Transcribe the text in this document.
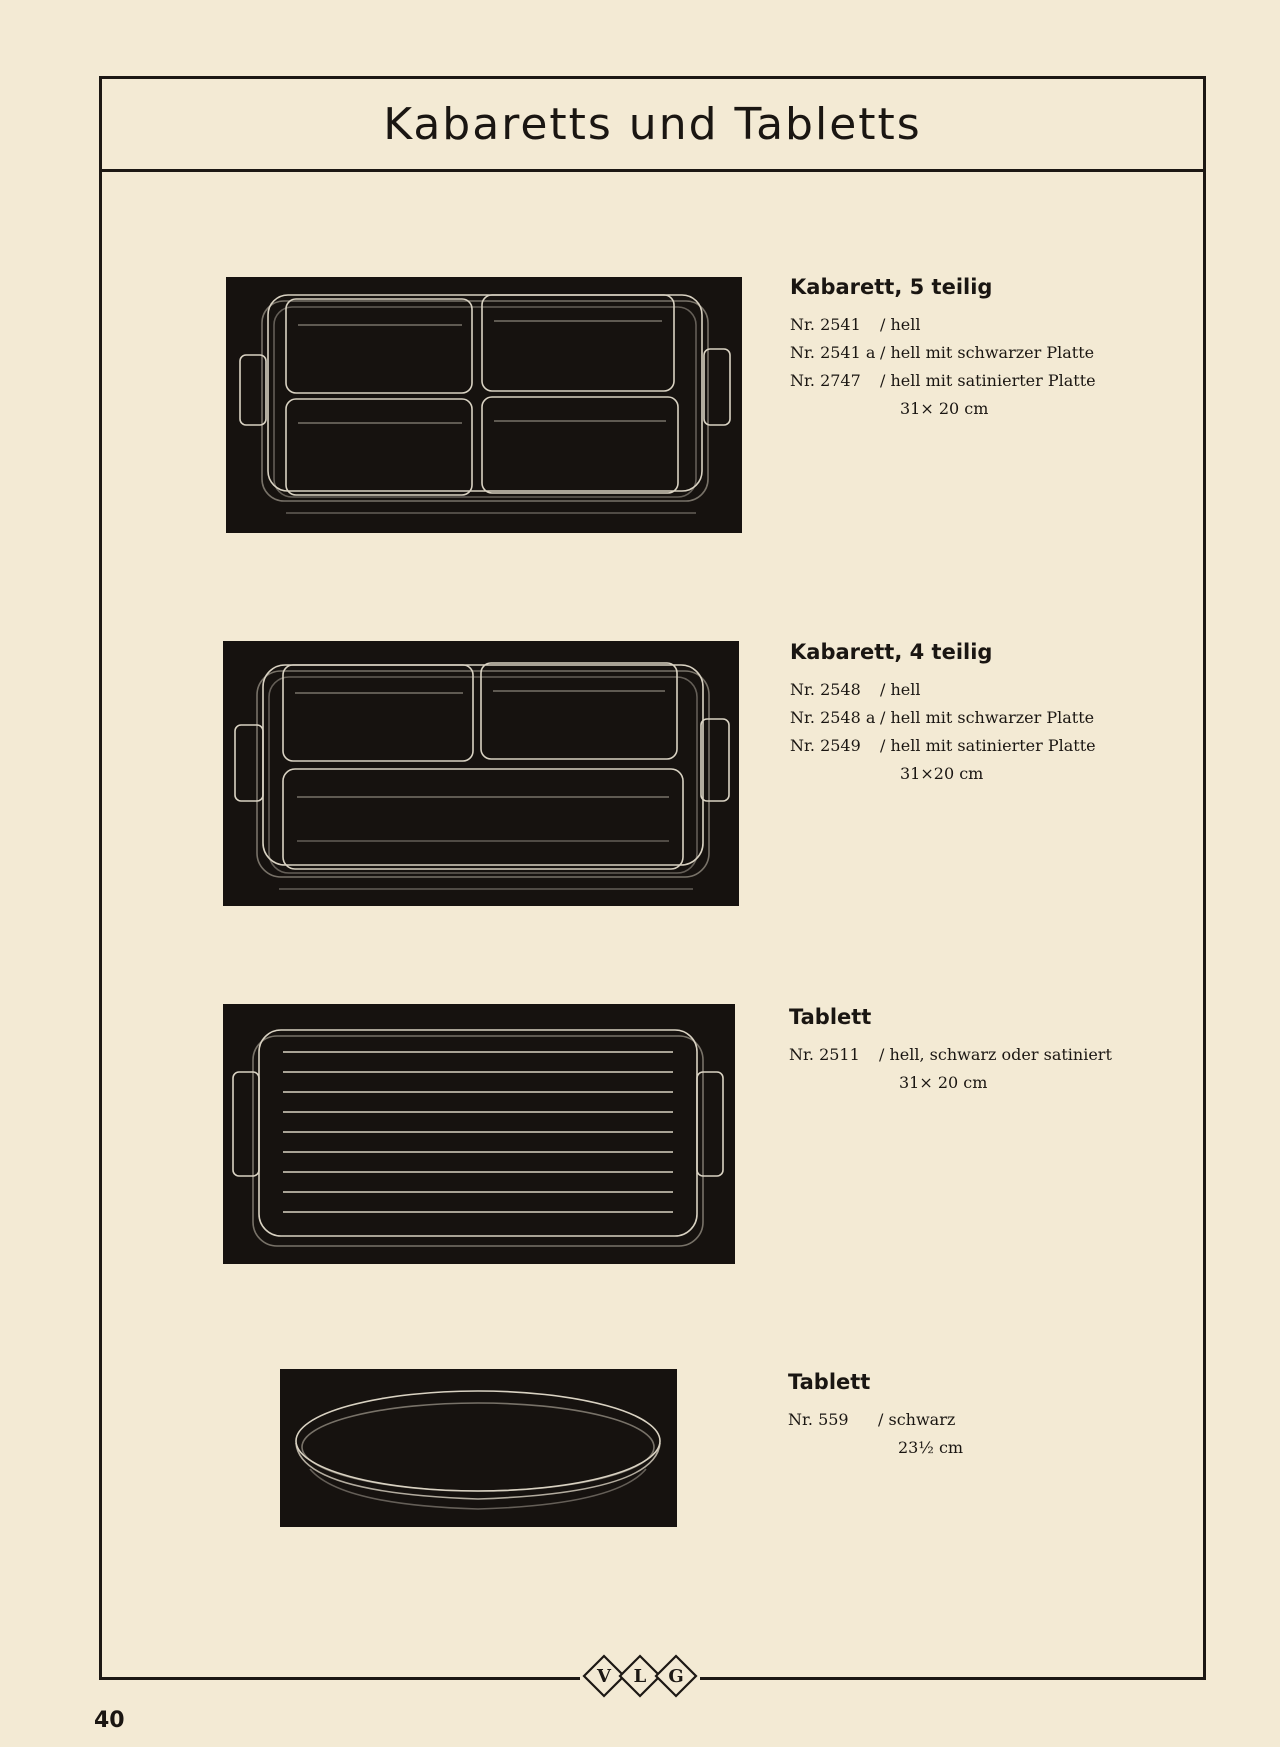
Kabaretts und Tabletts
Kabarett, 5 teilig
Nr. 2541 / hell
Nr. 2541 a / hell mit schwarzer Platte
Nr. 2747 / hell mit satinierter Platte
31× 20 cm
Kabarett, 4 teilig
Nr. 2548 / hell
Nr. 2548 a / hell mit schwarzer Platte
Nr. 2549 / hell mit satinierter Platte
31×20 cm
Tablett
Nr. 2511 / hell, schwarz oder satiniert
31× 20 cm
Tablett
Nr. 559 / schwarz
23½ cm
V L G
40
